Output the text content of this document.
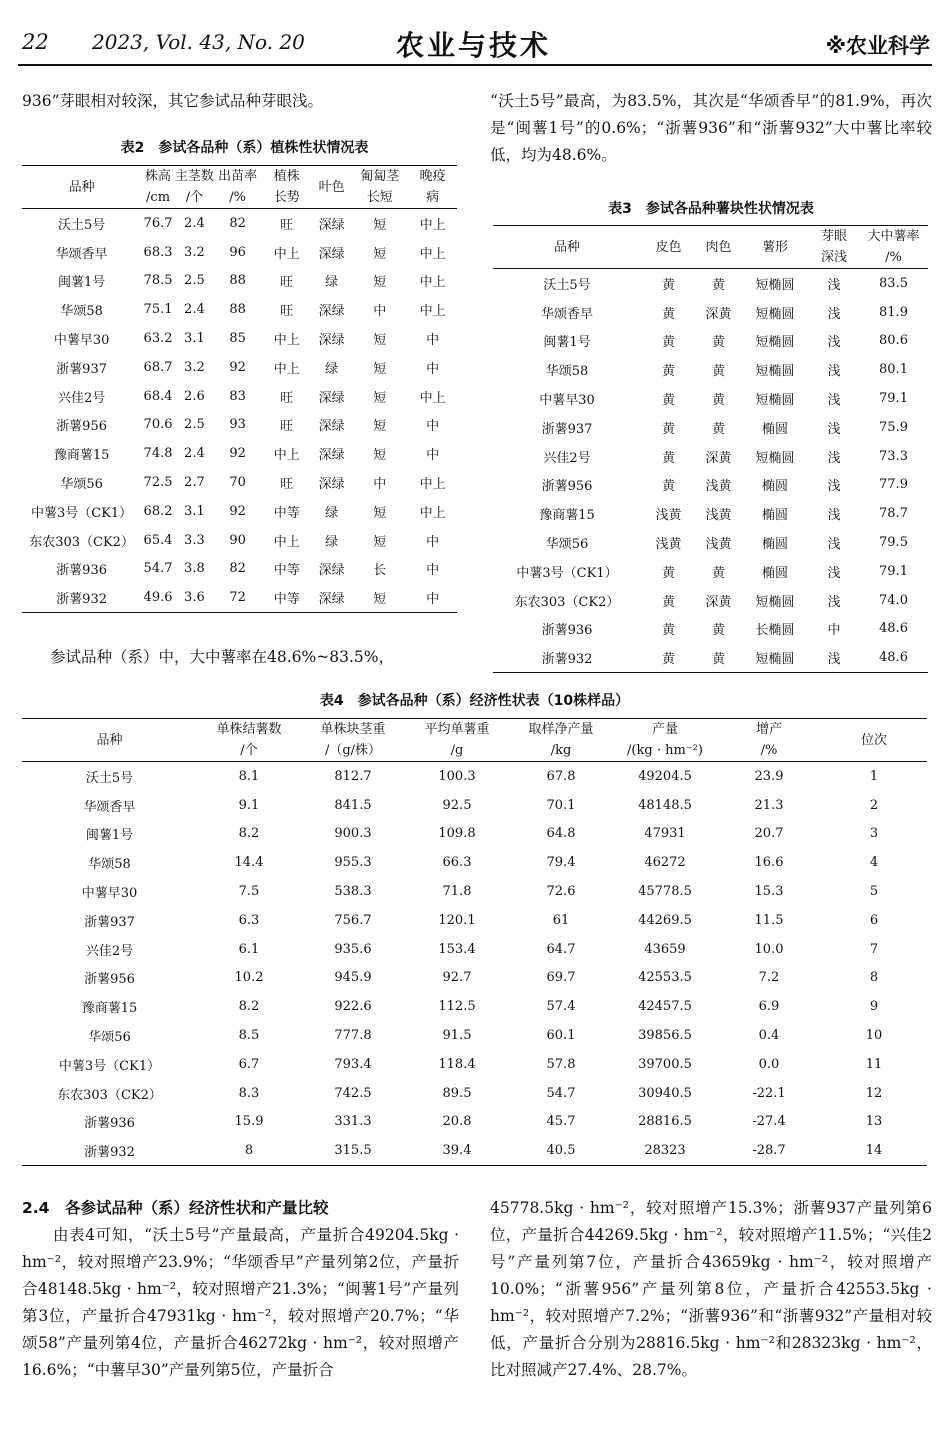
22 2023, Vol. 43, No. 20	农业与技术	※农业科学

936”芽眼相对较深，其它参试品种芽眼浅。

表2　参试各品种（系）植株性状情况表
品种	株高	主茎数	出苗率	植株	叶色	匍匐茎	晚疫
	/cm	/个	/%	长势		长短	病
沃土5号	76.7	2.4	82	旺	深绿	短	中上
华颂香早	68.3	3.2	96	中上	深绿	短	中上
闽薯1号	78.5	2.5	88	旺	绿	短	中上
华颂58	75.1	2.4	88	旺	深绿	中	中上
中薯早30	63.2	3.1	85	中上	深绿	短	中
浙薯937	68.7	3.2	92	中上	绿	短	中
兴佳2号	68.4	2.6	83	旺	深绿	短	中上
浙薯956	70.6	2.5	93	旺	深绿	短	中
豫商薯15	74.8	2.4	92	中上	深绿	短	中
华颂56	72.5	2.7	70	旺	深绿	中	中上
中薯3号（CK1）	68.2	3.1	92	中等	绿	短	中上
东农303（CK2）	65.4	3.3	90	中上	绿	短	中
浙薯936	54.7	3.8	82	中等	深绿	长	中
浙薯932	49.6	3.6	72	中等	深绿	短	中

参试品种（系）中，大中薯率在48.6%~83.5%，

“沃土5号”最高，为83.5%，其次是“华颂香早”的81.9%，再次是“闽薯1号”的0.6%；“浙薯936”和“浙薯932”大中薯比率较低，均为48.6%。

表3　参试各品种薯块性状情况表
品种	皮色	肉色	薯形	芽眼	大中薯率
				深浅	/%
沃土5号	黄	黄	短椭圆	浅	83.5
华颂香早	黄	深黄	短椭圆	浅	81.9
闽薯1号	黄	黄	短椭圆	浅	80.6
华颂58	黄	黄	短椭圆	浅	80.1
中薯早30	黄	黄	短椭圆	浅	79.1
浙薯937	黄	黄	椭圆	浅	75.9
兴佳2号	黄	深黄	短椭圆	浅	73.3
浙薯956	黄	浅黄	椭圆	浅	77.9
豫商薯15	浅黄	浅黄	椭圆	浅	78.7
华颂56	浅黄	浅黄	椭圆	浅	79.5
中薯3号（CK1）	黄	黄	椭圆	浅	79.1
东农303（CK2）	黄	深黄	短椭圆	浅	74.0
浙薯936	黄	黄	长椭圆	中	48.6
浙薯932	黄	黄	短椭圆	浅	48.6
表4　参试各品种（系）经济性状表（10株样品）
品种	单株结薯数	单株块茎重	平均单薯重	取样净产量	产量	增产	位次
	/个	/（g/株）	/g	/kg	/(kg · hm⁻²)	/%	
沃土5号	8.1	812.7	100.3	67.8	49204.5	23.9	1
华颂香早	9.1	841.5	92.5	70.1	48148.5	21.3	2
闽薯1号	8.2	900.3	109.8	64.8	47931	20.7	3
华颂58	14.4	955.3	66.3	79.4	46272	16.6	4
中薯早30	7.5	538.3	71.8	72.6	45778.5	15.3	5
浙薯937	6.3	756.7	120.1	61	44269.5	11.5	6
兴佳2号	6.1	935.6	153.4	64.7	43659	10.0	7
浙薯956	10.2	945.9	92.7	69.7	42553.5	7.2	8
豫商薯15	8.2	922.6	112.5	57.4	42457.5	6.9	9
华颂56	8.5	777.8	91.5	60.1	39856.5	0.4	10
中薯3号（CK1）	6.7	793.4	118.4	57.8	39700.5	0.0	11
东农303（CK2）	8.3	742.5	89.5	54.7	30940.5	-22.1	12
浙薯936	15.9	331.3	20.8	45.7	28816.5	-27.4	13
浙薯932	8	315.5	39.4	40.5	28323	-28.7	14
2.4　各参试品种（系）经济性状和产量比较

由表4可知，“沃土5号”产量最高，产量折合49204.5kg · hm⁻²，较对照增产23.9%；“华颂香早”产量列第2位，产量折合48148.5kg · hm⁻²，较对照增产21.3%；“闽薯1号”产量列第3位，产量折合47931kg · hm⁻²，较对照增产20.7%；“华颂58”产量列第4位，产量折合46272kg · hm⁻²，较对照增产16.6%；“中薯早30”产量列第5位，产量折合

45778.5kg · hm⁻²，较对照增产15.3%；浙薯937产量列第6位，产量折合44269.5kg · hm⁻²，较对照增产11.5%；“兴佳2号”产量列第7位，产量折合43659kg · hm⁻²，较对照增产10.0%；“浙薯956”产量列第8位，产量折合42553.5kg · hm⁻²，较对照增产7.2%；“浙薯936”和“浙薯932”产量相对较低，产量折合分别为28816.5kg · hm⁻²和28323kg · hm⁻²，比对照减产27.4%、28.7%。
